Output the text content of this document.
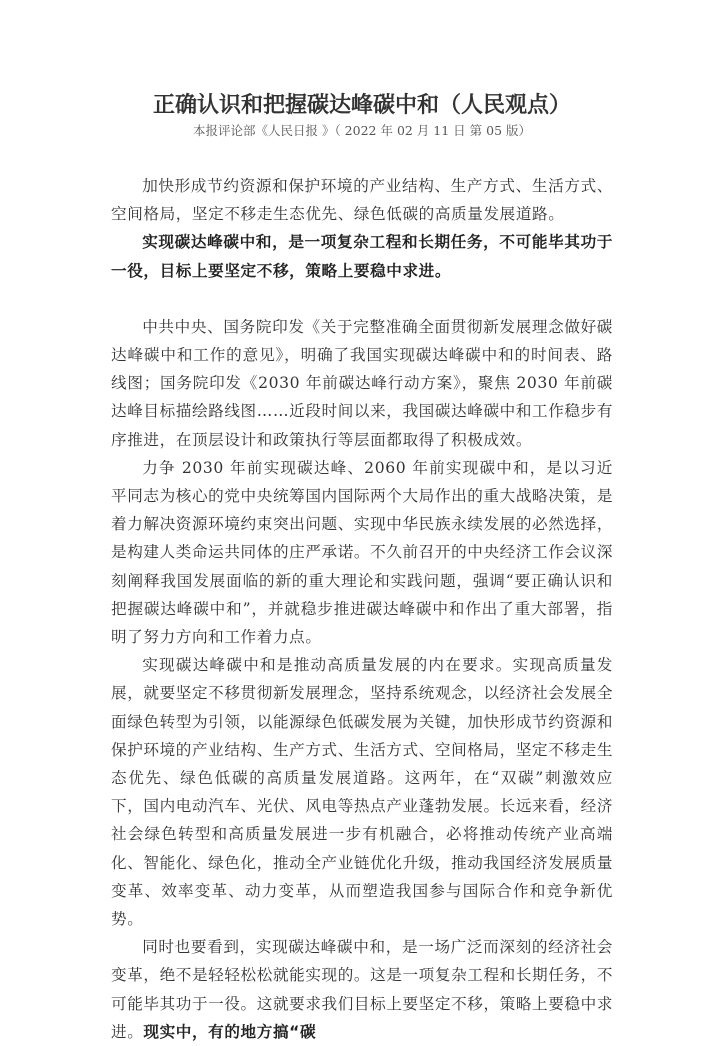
正确认识和把握碳达峰碳中和（人民观点）
本报评论部《人民日报 》（ 2022 年 02 月 11 日 第 05 版）

加快形成节约资源和保护环境的产业结构、生产方式、生活方式、空间格局，坚定不移走生态优先、绿色低碳的高质量发展道路。

实现碳达峰碳中和，是一项复杂工程和长期任务，不可能毕其功于一役，目标上要坚定不移，策略上要稳中求进。

中共中央、国务院印发《关于完整准确全面贯彻新发展理念做好碳达峰碳中和工作的意见》，明确了我国实现碳达峰碳中和的时间表、路线图；国务院印发《2030 年前碳达峰行动方案》，聚焦 2030 年前碳达峰目标描绘路线图……近段时间以来，我国碳达峰碳中和工作稳步有序推进，在顶层设计和政策执行等层面都取得了积极成效。

力争 2030 年前实现碳达峰、2060 年前实现碳中和，是以习近平同志为核心的党中央统筹国内国际两个大局作出的重大战略决策，是着力解决资源环境约束突出问题、实现中华民族永续发展的必然选择，是构建人类命运共同体的庄严承诺。不久前召开的中央经济工作会议深刻阐释我国发展面临的新的重大理论和实践问题，强调“要正确认识和把握碳达峰碳中和”，并就稳步推进碳达峰碳中和作出了重大部署，指明了努力方向和工作着力点。

实现碳达峰碳中和是推动高质量发展的内在要求。实现高质量发展，就要坚定不移贯彻新发展理念，坚持系统观念，以经济社会发展全面绿色转型为引领，以能源绿色低碳发展为关键，加快形成节约资源和保护环境的产业结构、生产方式、生活方式、空间格局，坚定不移走生态优先、绿色低碳的高质量发展道路。这两年，在“双碳”刺激效应下，国内电动汽车、光伏、风电等热点产业蓬勃发展。长远来看，经济社会绿色转型和高质量发展进一步有机融合，必将推动传统产业高端化、智能化、绿色化，推动全产业链优化升级，推动我国经济发展质量变革、效率变革、动力变革，从而塑造我国参与国际合作和竞争新优势。

同时也要看到，实现碳达峰碳中和，是一场广泛而深刻的经济社会变革，绝不是轻轻松松就能实现的。这是一项复杂工程和长期任务，不可能毕其功于一役。这就要求我们目标上要坚定不移，策略上要稳中求进。现实中，有的地方搞“碳
